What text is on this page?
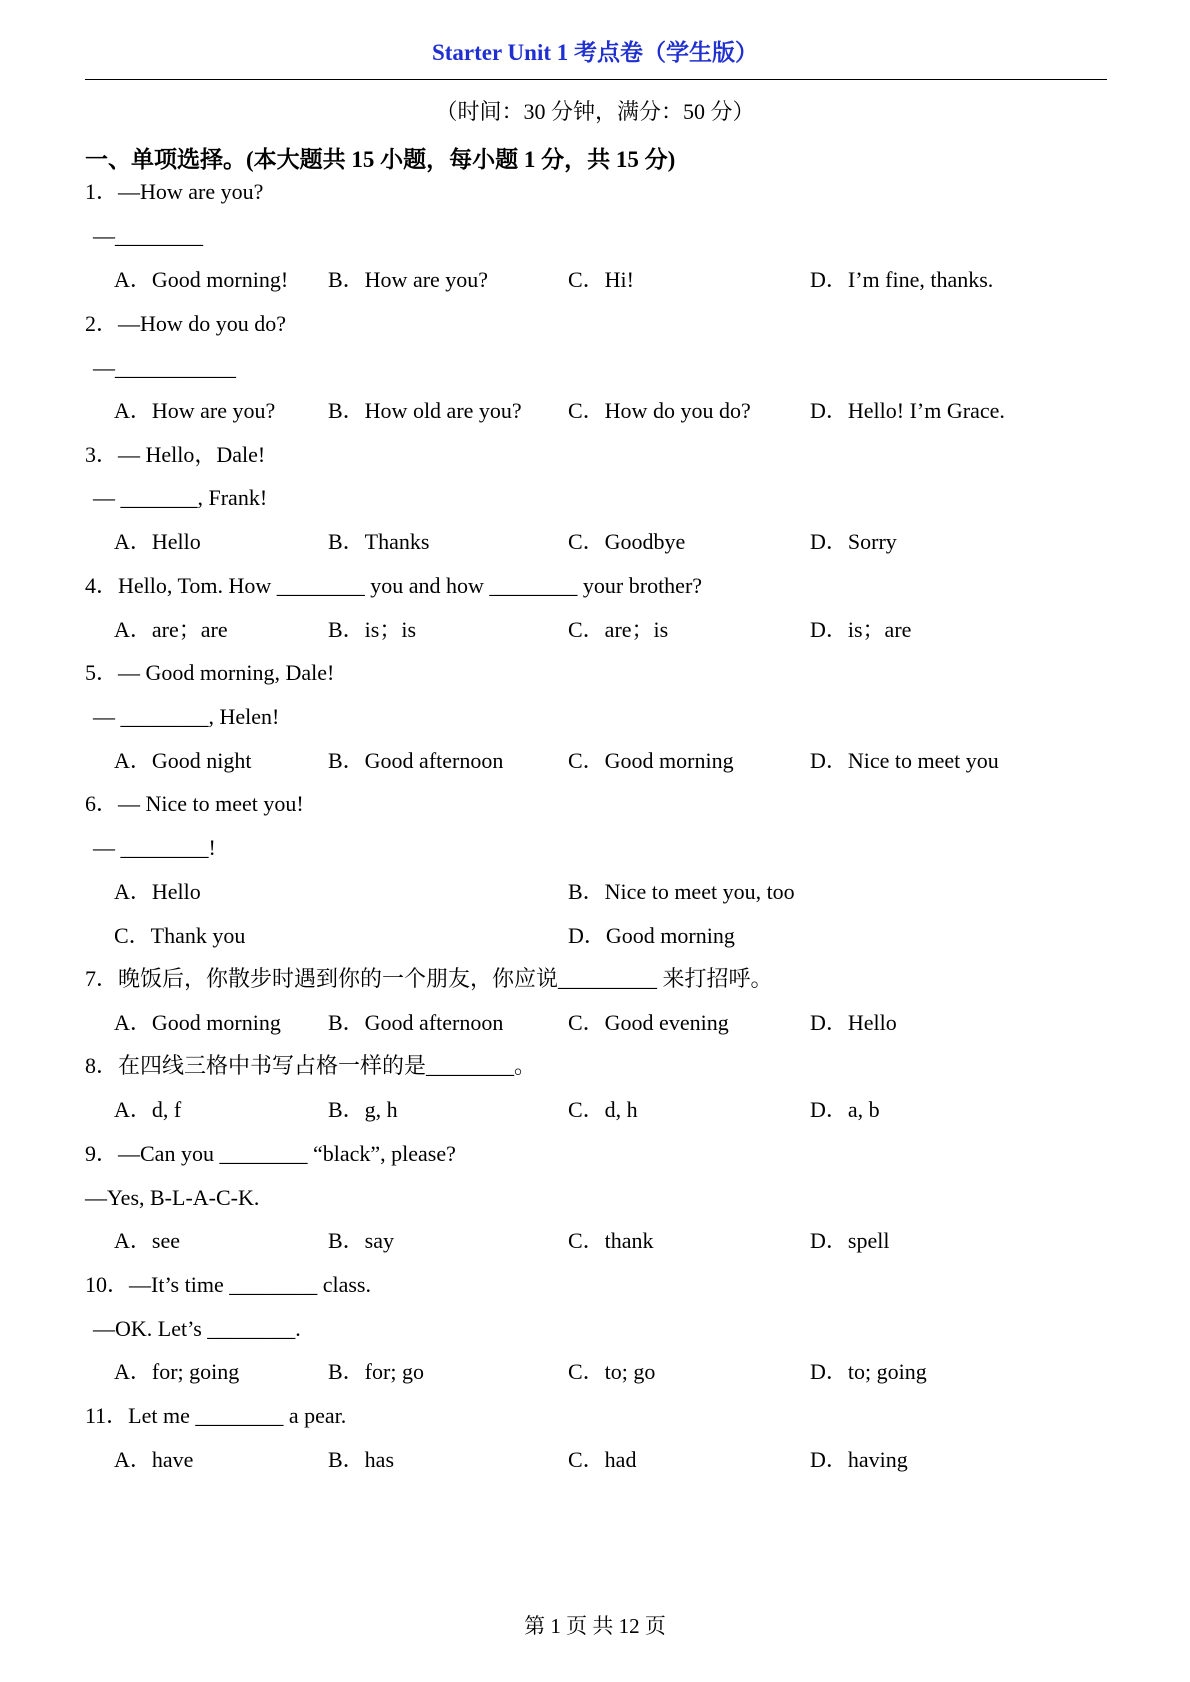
Starter Unit 1 考点卷（学生版）
（时间：30 分钟，满分：50 分）
一、单项选择。(本大题共 15 小题，每小题 1 分，共 15 分)
1．—How are you?
—________
A．Good morning! B．How are you?	C．Hi!	D．I’m fine, thanks.
2．—How do you do?
—___________
A．How are you? B．How old are you? C．How do you do?	D．Hello! I’m Grace.
3．— Hello，Dale!
— _______, Frank!
A．Hello	B．Thanks	C．Goodbye	D．Sorry
4．Hello, Tom. How ________ you and how ________ your brother?
A．are；are	B．is；is	C．are；is	D．is；are
5．— Good morning, Dale!
— ________, Helen!
A．Good night	B．Good afternoon	C．Good morning	D．Nice to meet you
6．— Nice to meet you!
— ________!
A．Hello	B．Nice to meet you, too
C．Thank you	D．Good morning
7．晚饭后，你散步时遇到你的一个朋友，你应说_________ 来打招呼。
A．Good morning B．Good afternoon	C．Good evening	D．Hello
8．在四线三格中书写占格一样的是________。
A．d, f	B．g, h	C．d, h	D．a, b
9．—Can you ________ “black”, please?
—Yes, B-L-A-C-K.
A．see	B．say	C．thank	D．spell
10．—It’s time ________ class.
—OK. Let’s ________.
A．for; going	B．for; go	C．to; go	D．to; going
11．Let me ________ a pear.
A．have	B．has	C．had	D．having
第 1 页 共 12 页
